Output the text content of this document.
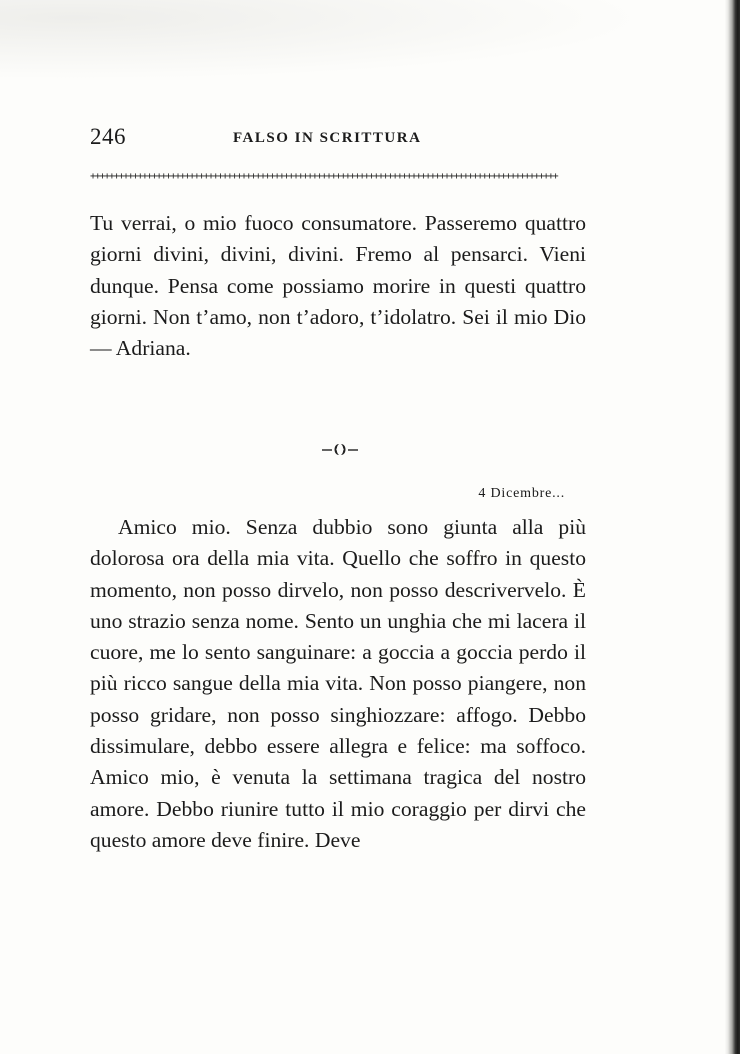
246	FALSO IN SCRITTURA
+++++++++++++++++++++++++++++++++++++++++++++++++++++++++++++++++++++++++++++++++++++++++++++++++++

Tu verrai, o mio fuoco consumatore. Passeremo quattro giorni divini, divini, divini. Fremo al pensarci. Vieni dunque. Pensa come possiamo morire in questi quattro giorni. Non t’amo, non t’adoro, t’idolatro. Sei il mio Dio — Adriana.

4 Dicembre...

Amico mio. Senza dubbio sono giunta alla più dolorosa ora della mia vita. Quello che soffro in questo momento, non posso dirvelo, non posso descrivervelo. È uno strazio senza nome. Sento un unghia che mi lacera il cuore, me lo sento sanguinare: a goccia a goccia perdo il più ricco sangue della mia vita. Non posso piangere, non posso gridare, non posso singhiozzare: affogo. Debbo dissimulare, debbo essere allegra e felice: ma soffoco. Amico mio, è venuta la settimana tragica del nostro amore. Debbo riunire tutto il mio coraggio per dirvi che questo amore deve finire. Deve
